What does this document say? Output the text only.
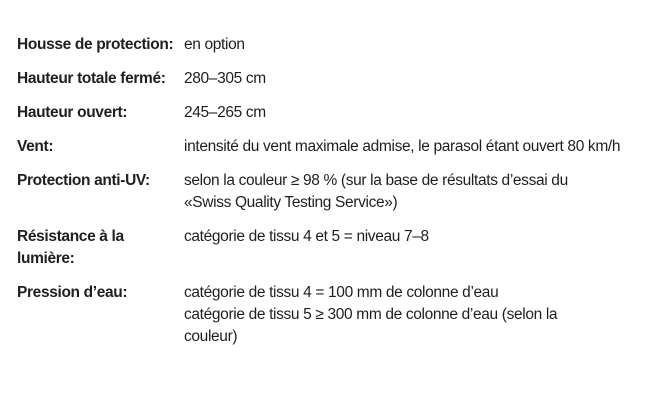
Housse de protection: en option
Hauteur totale fermé:	280–305 cm
Hauteur ouvert:	245–265 cm
Vent:	intensité du vent maximale admise, le parasol étant ouvert 80 km/h
Protection anti-UV:	selon la couleur ≥ 98 % (sur la base de résultats d’essai du
«Swiss Quality Testing Service»)
Résistance à la
lumière:
catégorie de tissu 4 et 5 = niveau 7–8
Pression d’eau:	catégorie de tissu 4 = 100 mm de colonne d’eau
catégorie de tissu 5 ≥ 300 mm de colonne d’eau (selon la
couleur)
